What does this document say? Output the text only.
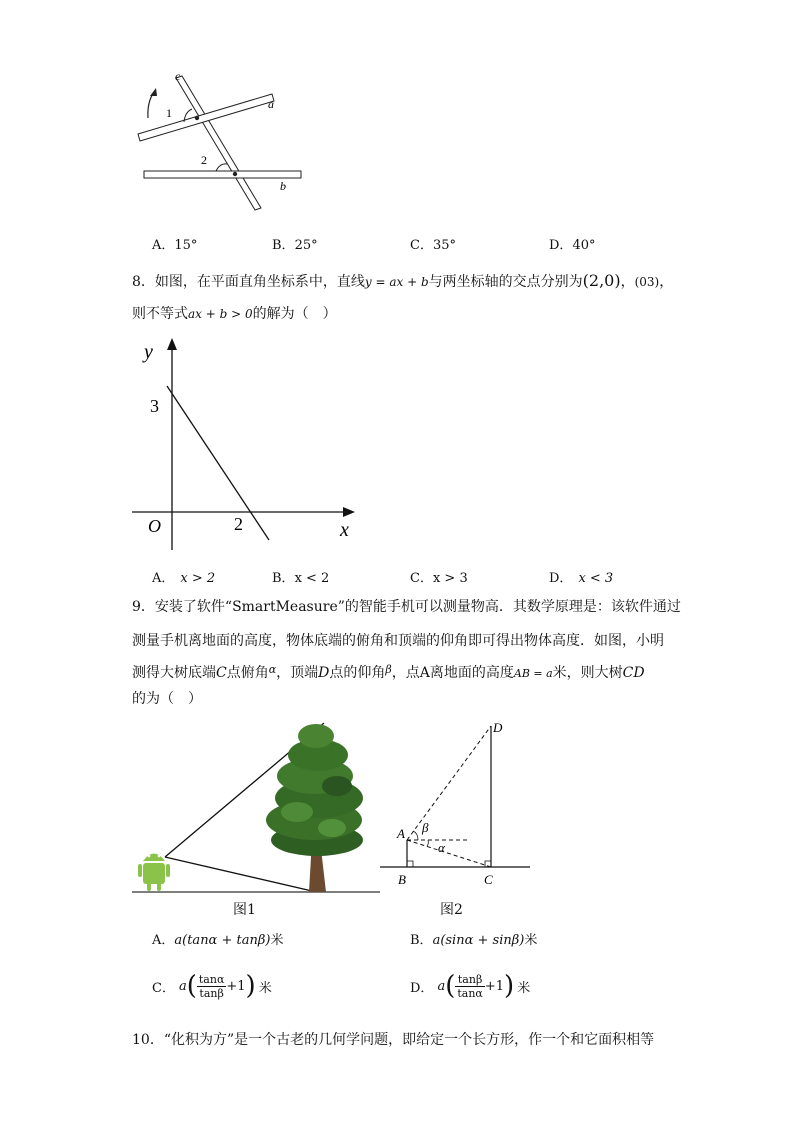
c
a
b
1
2
A．15°	B．25°	C．35°	D．40°
8．如图，在平面直角坐标系中，直线y = ax + b与两坐标轴的交点分别为(2,0)，(03)，
则不等式ax + b > 0的解为（　）
y
x
O	2
3
A． x > 2	B．x < 2	C．x > 3	D． x < 3
9．安装了软件“SmartMeasure”的智能手机可以测量物高．其数学原理是：该软件通过
测量手机离地面的高度，物体底端的俯角和顶端的仰角即可得出物体高度．如图，小明
测得大树底端C点俯角$^\alpha$，顶端D点的仰角$^\beta$，点A离地面的高度AB = a米，则大树CD
的为（　）
图1
A
B	C
D
β
α
图2
A．a(tanα + tanβ)米	B．a(sinα + sinβ)米
C． a ( $\frac{\tan\alpha}{\tan\beta} +1$ ) 米	D． a ( $\frac{\tan\beta}{\tan\alpha} +1$ ) 米
10．“化积为方”是一个古老的几何学问题，即给定一个长方形，作一个和它面积相等
